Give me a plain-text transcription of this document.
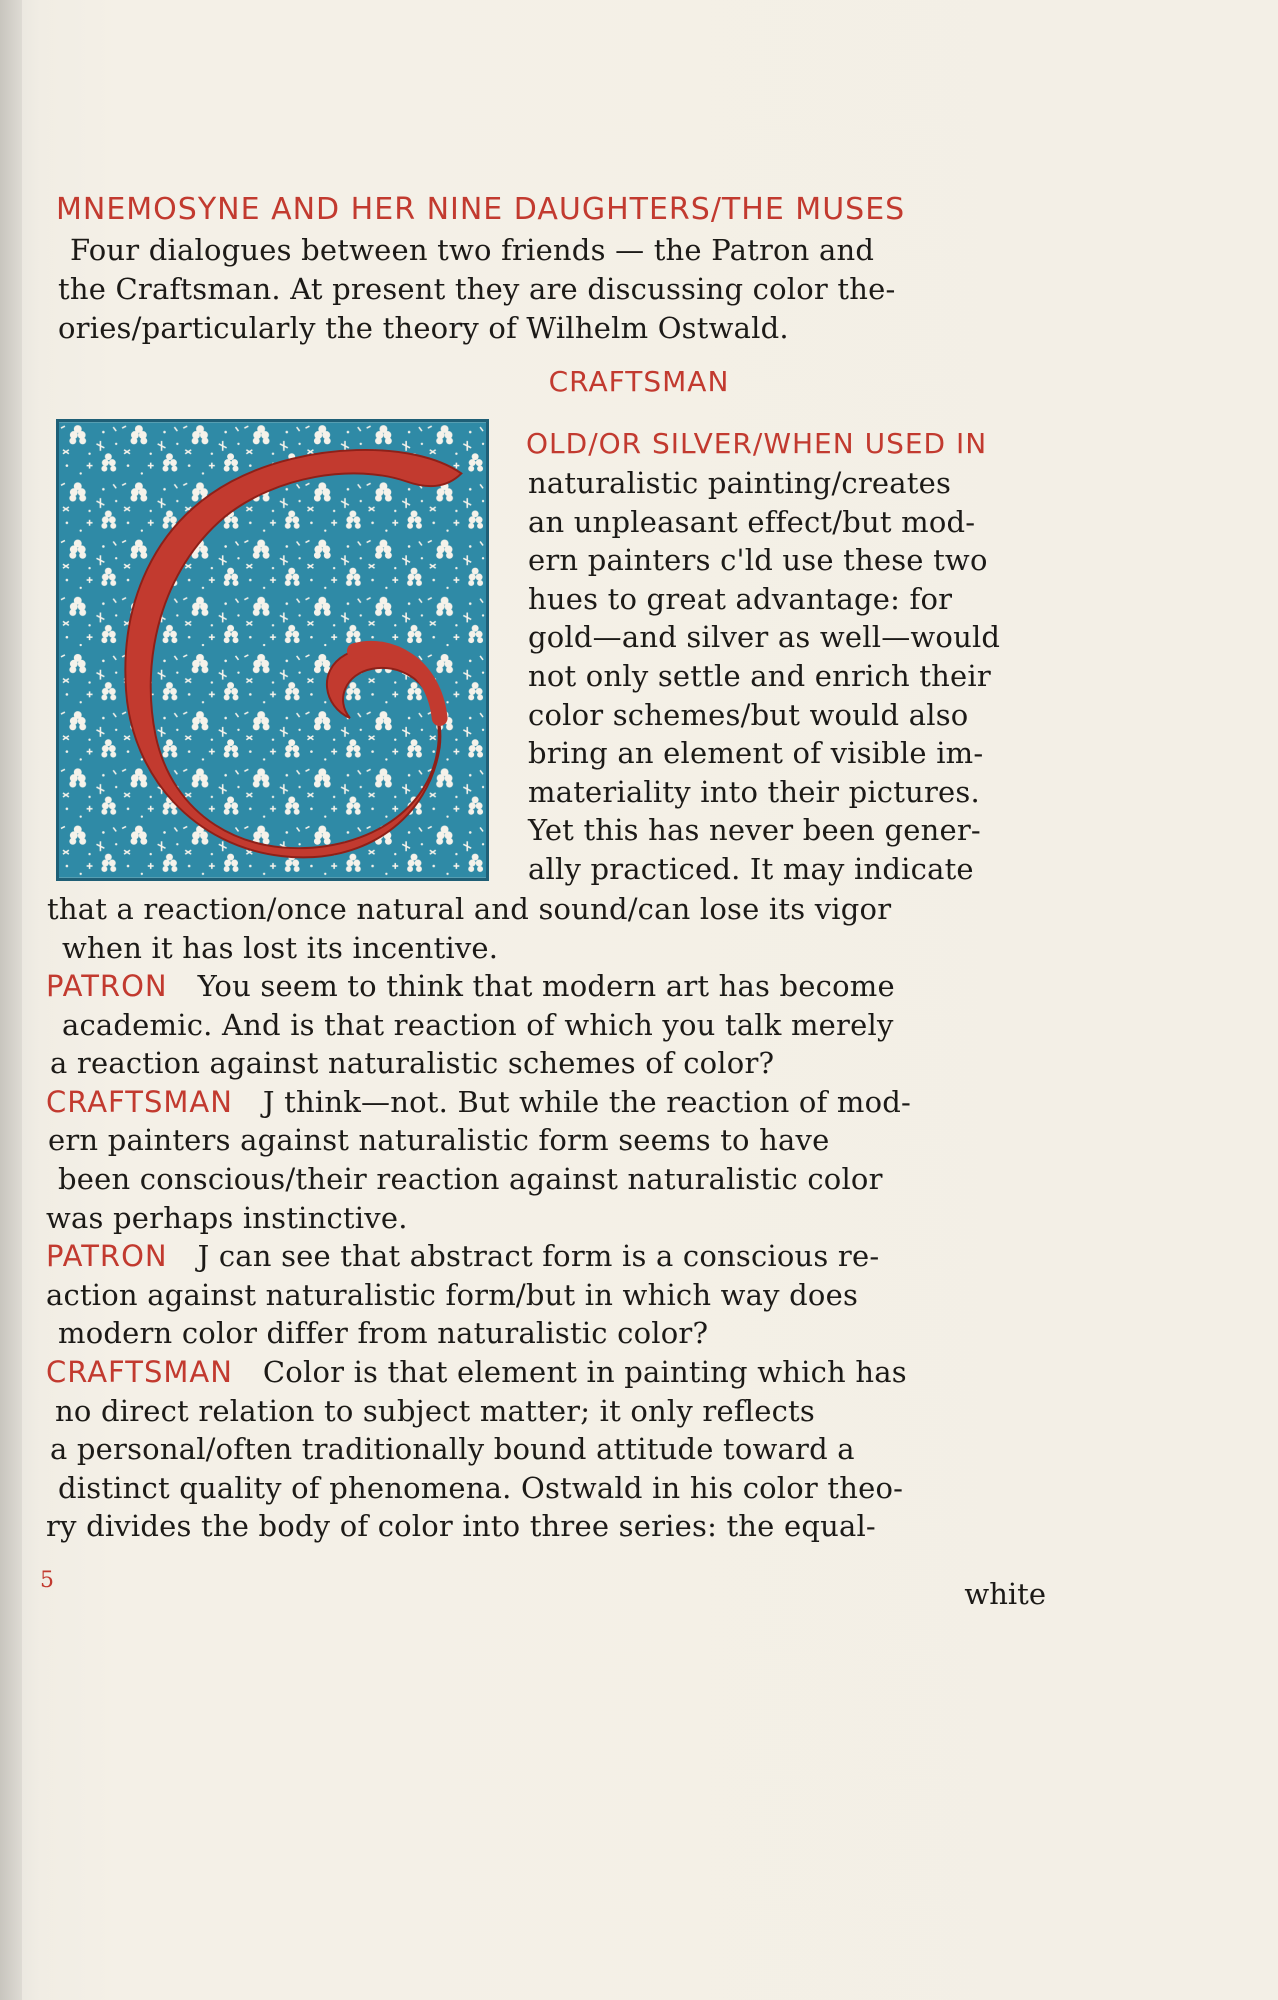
MNEMOSYNE AND HER NINE DAUGHTERS/THE MUSES
Four dialogues between two friends — the Patron and
the Craftsman. At present they are discussing color the-
ories/particularly the theory of Wilhelm Ostwald.
CRAFTSMAN
OLD/OR SILVER/WHEN USED IN
naturalistic painting/creates
an unpleasant effect/but mod-
ern painters c'ld use these two
hues to great advantage: for
gold—and silver as well—would
not only settle and enrich their
color schemes/but would also
bring an element of visible im-
materiality into their pictures.
Yet this has never been gener-
ally practiced. It may indicate
that a reaction/once natural and sound/can lose its vigor
when it has lost its incentive.
PATRON You seem to think that modern art has become
academic. And is that reaction of which you talk merely
a reaction against naturalistic schemes of color?
CRAFTSMAN J think—not. But while the reaction of mod-
ern painters against naturalistic form seems to have
been conscious/their reaction against naturalistic color
was perhaps instinctive.
PATRON J can see that abstract form is a conscious re-
action against naturalistic form/but in which way does
modern color differ from naturalistic color?
CRAFTSMAN Color is that element in painting which has
no direct relation to subject matter; it only reflects
a personal/often traditionally bound attitude toward a
distinct quality of phenomena. Ostwald in his color theo-
ry divides the body of color into three series: the equal-
5	white
